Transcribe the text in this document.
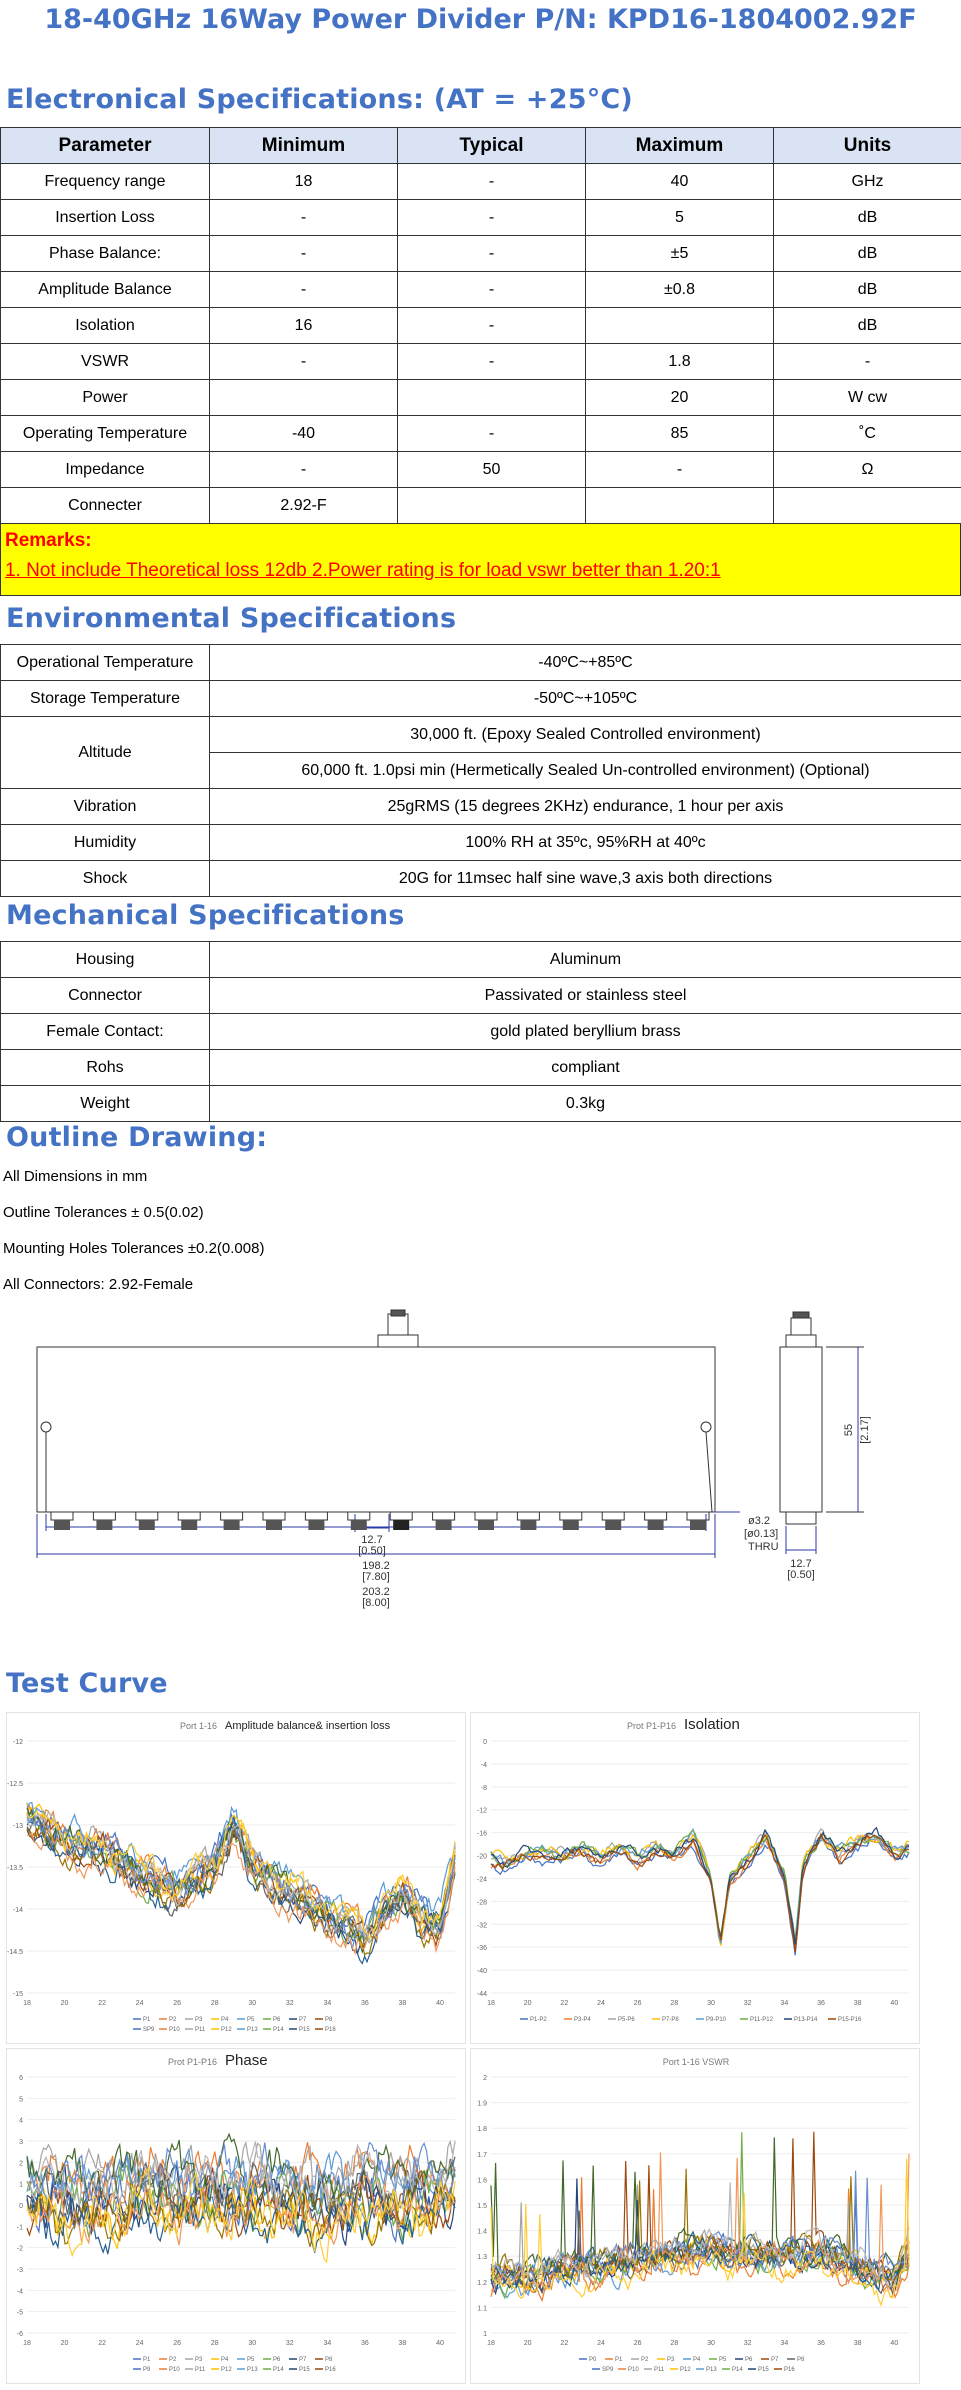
18-40GHz 16Way Power Divider P/N: KPD16-1804002.92F
Electronical Specifications: (AT = +25°C)
Parameter	Minimum	Typical	Maximum	Units
Frequency range	18	-	40	GHz
Insertion Loss	-	-	5	dB
Phase Balance:	-	-	±5	dB
Amplitude Balance	-	-	±0.8	dB
Isolation	16	-		dB
VSWR	-	-	1.8	-
Power			20	W cw
Operating Temperature	-40	-	85	˚C
Impedance	-	50	-	Ω
Connecter	2.92-F			
Remarks:
1. Not include Theoretical loss 12db 2.Power rating is for load vswr better than 1.20:1
Environmental Specifications
Operational Temperature	-40ºC~+85ºC
Storage Temperature	-50ºC~+105ºC
Altitude	30,000 ft. (Epoxy Sealed Controlled environment)
	60,000 ft. 1.0psi min (Hermetically Sealed Un-controlled environment) (Optional)
Vibration	25gRMS (15 degrees 2KHz) endurance, 1 hour per axis
Humidity	100% RH at 35ºc, 95%RH at 40ºc
Shock	20G for 11msec half sine wave,3 axis both directions
Mechanical Specifications
Housing	Aluminum
Connector	Passivated or stainless steel
Female Contact:	gold plated beryllium brass
Rohs	compliant
Weight	0.3kg
Outline Drawing:
All Dimensions in mm
Outline Tolerances ± 0.5(0.02)
Mounting Holes Tolerances ±0.2(0.008)
All Connectors: 2.92-Female
12.7
[0.50]
198.2
[7.80]
203.2
[8.00]
ø3.2
[ø0.13]
THRU
12.7
[0.50]
55 [2.17]
Test Curve
Port 1-16 Amplitude balance& insertion loss
-12
-12.5
-13
-13.5
-14
-14.5
-15
18	20	22	24	26	28	30	32	34	36	38	40
P1	P2	P3	P4	P5	P6	P7	P8
SP9 P10	P11	P12	P13	P14	P15	P16
Prot P1-P16 Isolation
0
-4
-8
-12
-16
-20
-24
-28
-32
-36
-40
-44
18	20	22	24	26	28	30	32	34	36	38	40
P1-P2	P3-P4	P5-P6	P7-P8	P9-P10	P11-P12	P13-P14	P15-P16
Prot P1-P16 Phase
6
5
4
3
2
1
0
-1
-2
-3
-4
-5
-6
18	20	22	24	26	28	30	32	34	36	38	40
P1	P2	P3	P4	P5	P6	P7	P8
P9	P10	P11	P12	P13	P14	P15	P16
Port 1-16 VSWR
2
1.9
1.8
1.7
1.6
1.5
1.4
1.3
1.2
1.1
1
18	20	22	24	26	28	30	32	34	36	38	40
P0	P1	P2	P3	P4	P5	P6	P7	P8
SP9 P10	P11	P12	P13	P14	P15	P16
